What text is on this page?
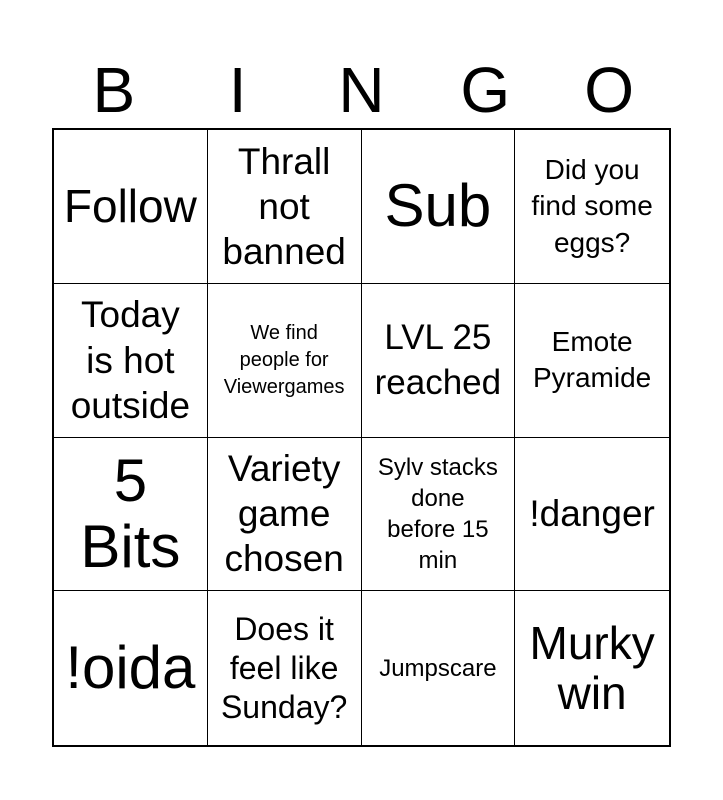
B	I	N	G	O
Follow
Thrall
not
banned
Sub
Did you
find some
eggs?
Today
is hot
outside
We find
people for
Viewergames
LVL 25
reached
Emote
Pyramide
5
Bits
Variety
game
chosen
Sylv stacks
done
before 15
min
!danger
!oida
Does it
feel like
Sunday?
Jumpscare Murky
win
